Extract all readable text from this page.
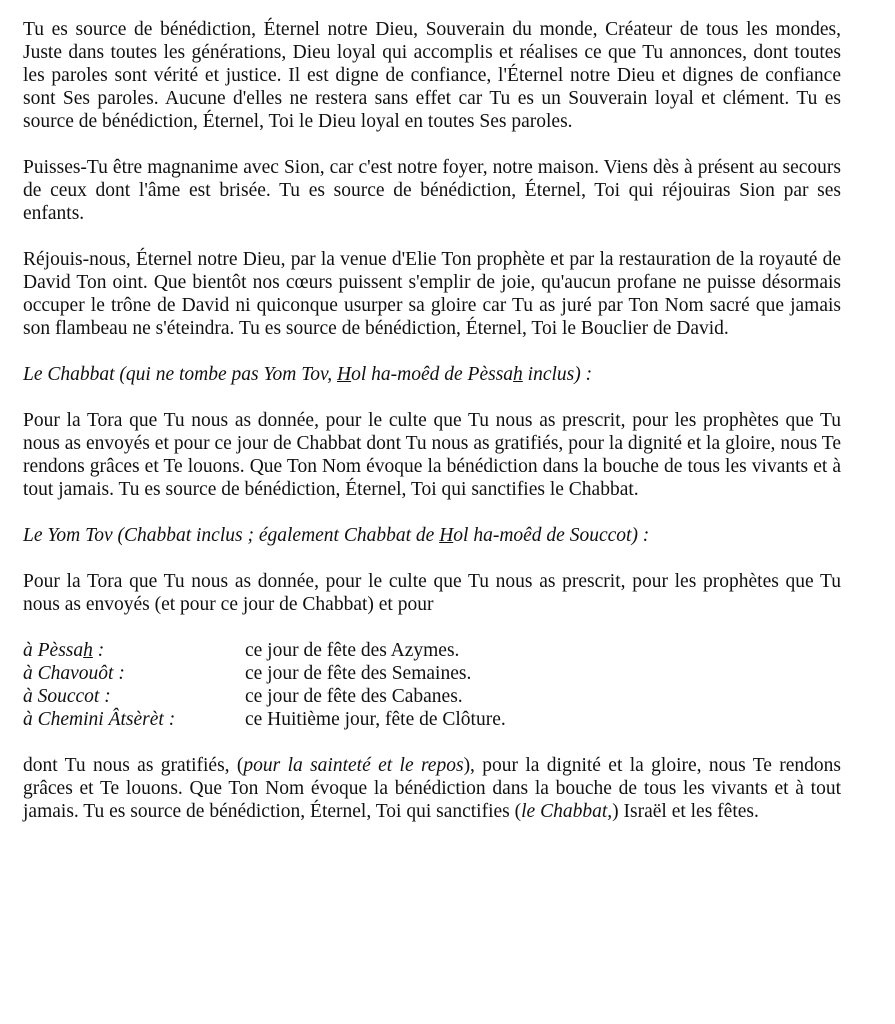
Tu es source de bénédiction, Éternel notre Dieu, Souverain du monde, Créateur de tous les mondes, Juste dans toutes les générations, Dieu loyal qui accomplis et réalises ce que Tu annonces, dont toutes les paroles sont vérité et justice. Il est digne de confiance, l'Éternel notre Dieu et dignes de confiance sont Ses paroles. Aucune d'elles ne restera sans effet car Tu es un Souverain loyal et clément. Tu es source de bénédiction, Éternel, Toi le Dieu loyal en toutes Ses paroles.

Puisses-Tu être magnanime avec Sion, car c'est notre foyer, notre maison. Viens dès à présent au secours de ceux dont l'âme est brisée. Tu es source de bénédiction, Éternel, Toi qui réjouiras Sion par ses enfants.

Réjouis-nous, Éternel notre Dieu, par la venue d'Elie Ton prophète et par la restauration de la royauté de David Ton oint. Que bientôt nos cœurs puissent s'emplir de joie, qu'aucun profane ne puisse désormais occuper le trône de David ni quiconque usurper sa gloire car Tu as juré par Ton Nom sacré que jamais son flambeau ne s'éteindra. Tu es source de bénédiction, Éternel, Toi le Bouclier de David.

Le Chabbat (qui ne tombe pas Yom Tov, Hol ha-moêd de Pèssah inclus) :

Pour la Tora que Tu nous as donnée, pour le culte que Tu nous as prescrit, pour les prophètes que Tu nous as envoyés et pour ce jour de Chabbat dont Tu nous as gratifiés, pour la dignité et la gloire, nous Te rendons grâces et Te louons. Que Ton Nom évoque la bénédiction dans la bouche de tous les vivants et à tout jamais. Tu es source de bénédiction, Éternel, Toi qui sanctifies le Chabbat.

Le Yom Tov (Chabbat inclus ; également Chabbat de Hol ha-moêd de Souccot) :

Pour la Tora que Tu nous as donnée, pour le culte que Tu nous as prescrit, pour les prophètes que Tu nous as envoyés (et pour ce jour de Chabbat) et pour

à Pèssah :	ce jour de fête des Azymes.
à Chavouôt :	ce jour de fête des Semaines.
à Souccot :	ce jour de fête des Cabanes.
à Chemini Âtsèrèt :	ce Huitième jour, fête de Clôture.

dont Tu nous as gratifiés, (pour la sainteté et le repos), pour la dignité et la gloire, nous Te rendons grâces et Te louons. Que Ton Nom évoque la bénédiction dans la bouche de tous les vivants et à tout jamais. Tu es source de bénédiction, Éternel, Toi qui sanctifies (le Chabbat,) Israël et les fêtes.
